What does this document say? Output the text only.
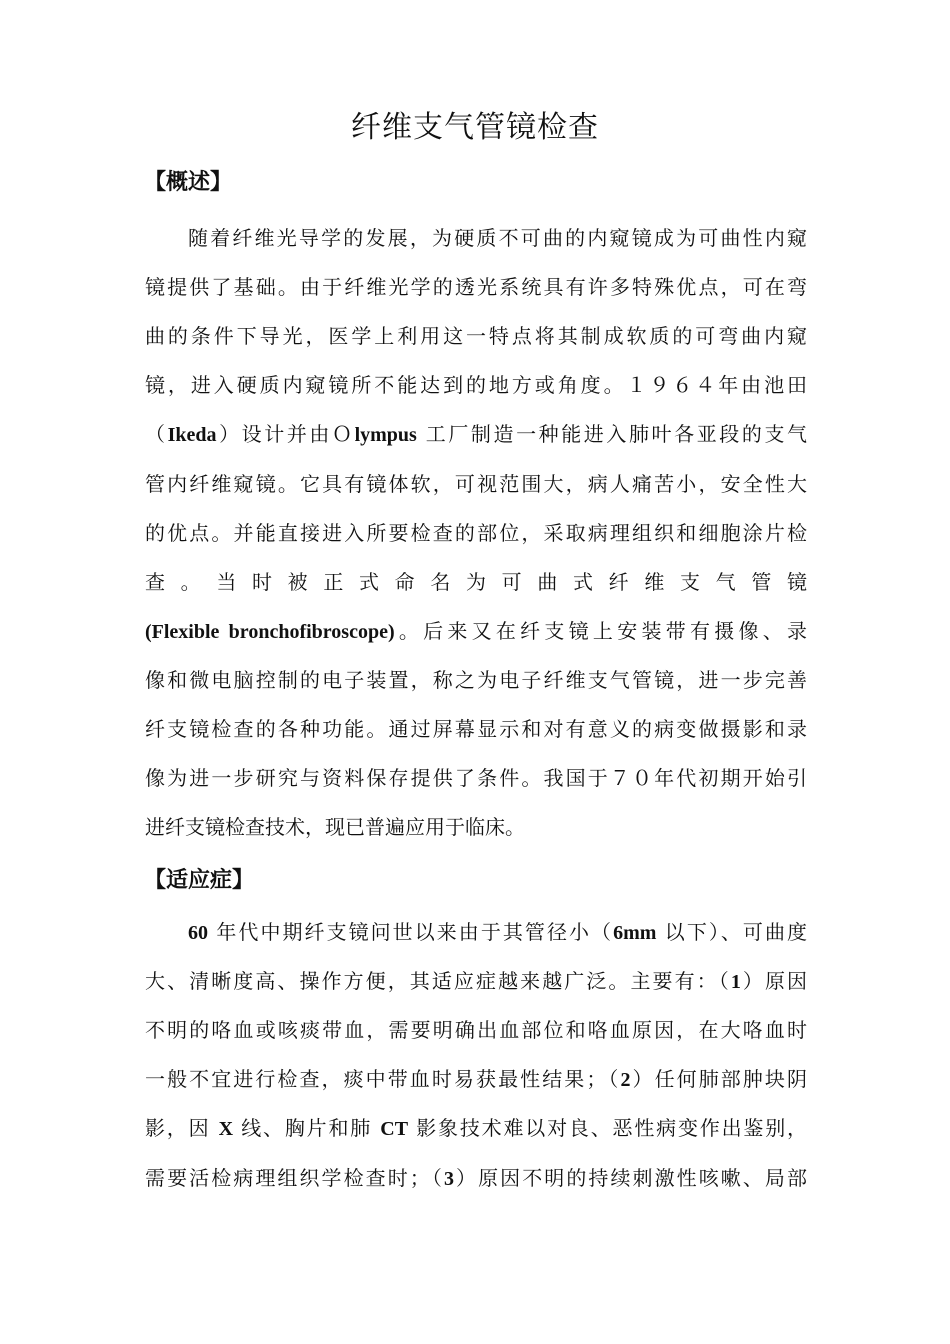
纤维支气管镜检查
【概述】
【适应症】
随着纤维光导学的发展，为硬质不可曲的内窥镜成为可曲性内窥
镜提供了基础。由于纤维光学的透光系统具有许多特殊优点，可在弯
曲的条件下导光，医学上利用这一特点将其制成软质的可弯曲内窥
镜，进入硬质内窥镜所不能达到的地方或角度。１９６４年由池田
（Ikeda）设计并由Ｏlympus 工厂制造一种能进入肺叶各亚段的支气
管内纤维窥镜。它具有镜体软，可视范围大，病人痛苦小，安全性大
的优点。并能直接进入所要检查的部位，采取病理组织和细胞涂片检
查 。 当 时 被 正 式 命 名 为 可 曲 式 纤 维 支 气 管 镜
(Flexible bronchofibroscope)。后来又在纤支镜上安装带有摄像、录
像和微电脑控制的电子装置，称之为电子纤维支气管镜，进一步完善
纤支镜检查的各种功能。通过屏幕显示和对有意义的病变做摄影和录
像为进一步研究与资料保存提供了条件。我国于７０年代初期开始引
进纤支镜检查技术，现已普遍应用于临床。
60 年代中期纤支镜问世以来由于其管径小（6mm 以下）、可曲度
大、清晰度高、操作方便，其适应症越来越广泛。主要有：（1）原因
不明的咯血或咳痰带血，需要明确出血部位和咯血原因，在大咯血时
一般不宜进行检查，痰中带血时易获最性结果；（2）任何肺部肿块阴
影，因 X 线、胸片和肺 CT 影象技术难以对良、恶性病变作出鉴别，
需要活检病理组织学检查时；（3）原因不明的持续刺激性咳嗽、局部
